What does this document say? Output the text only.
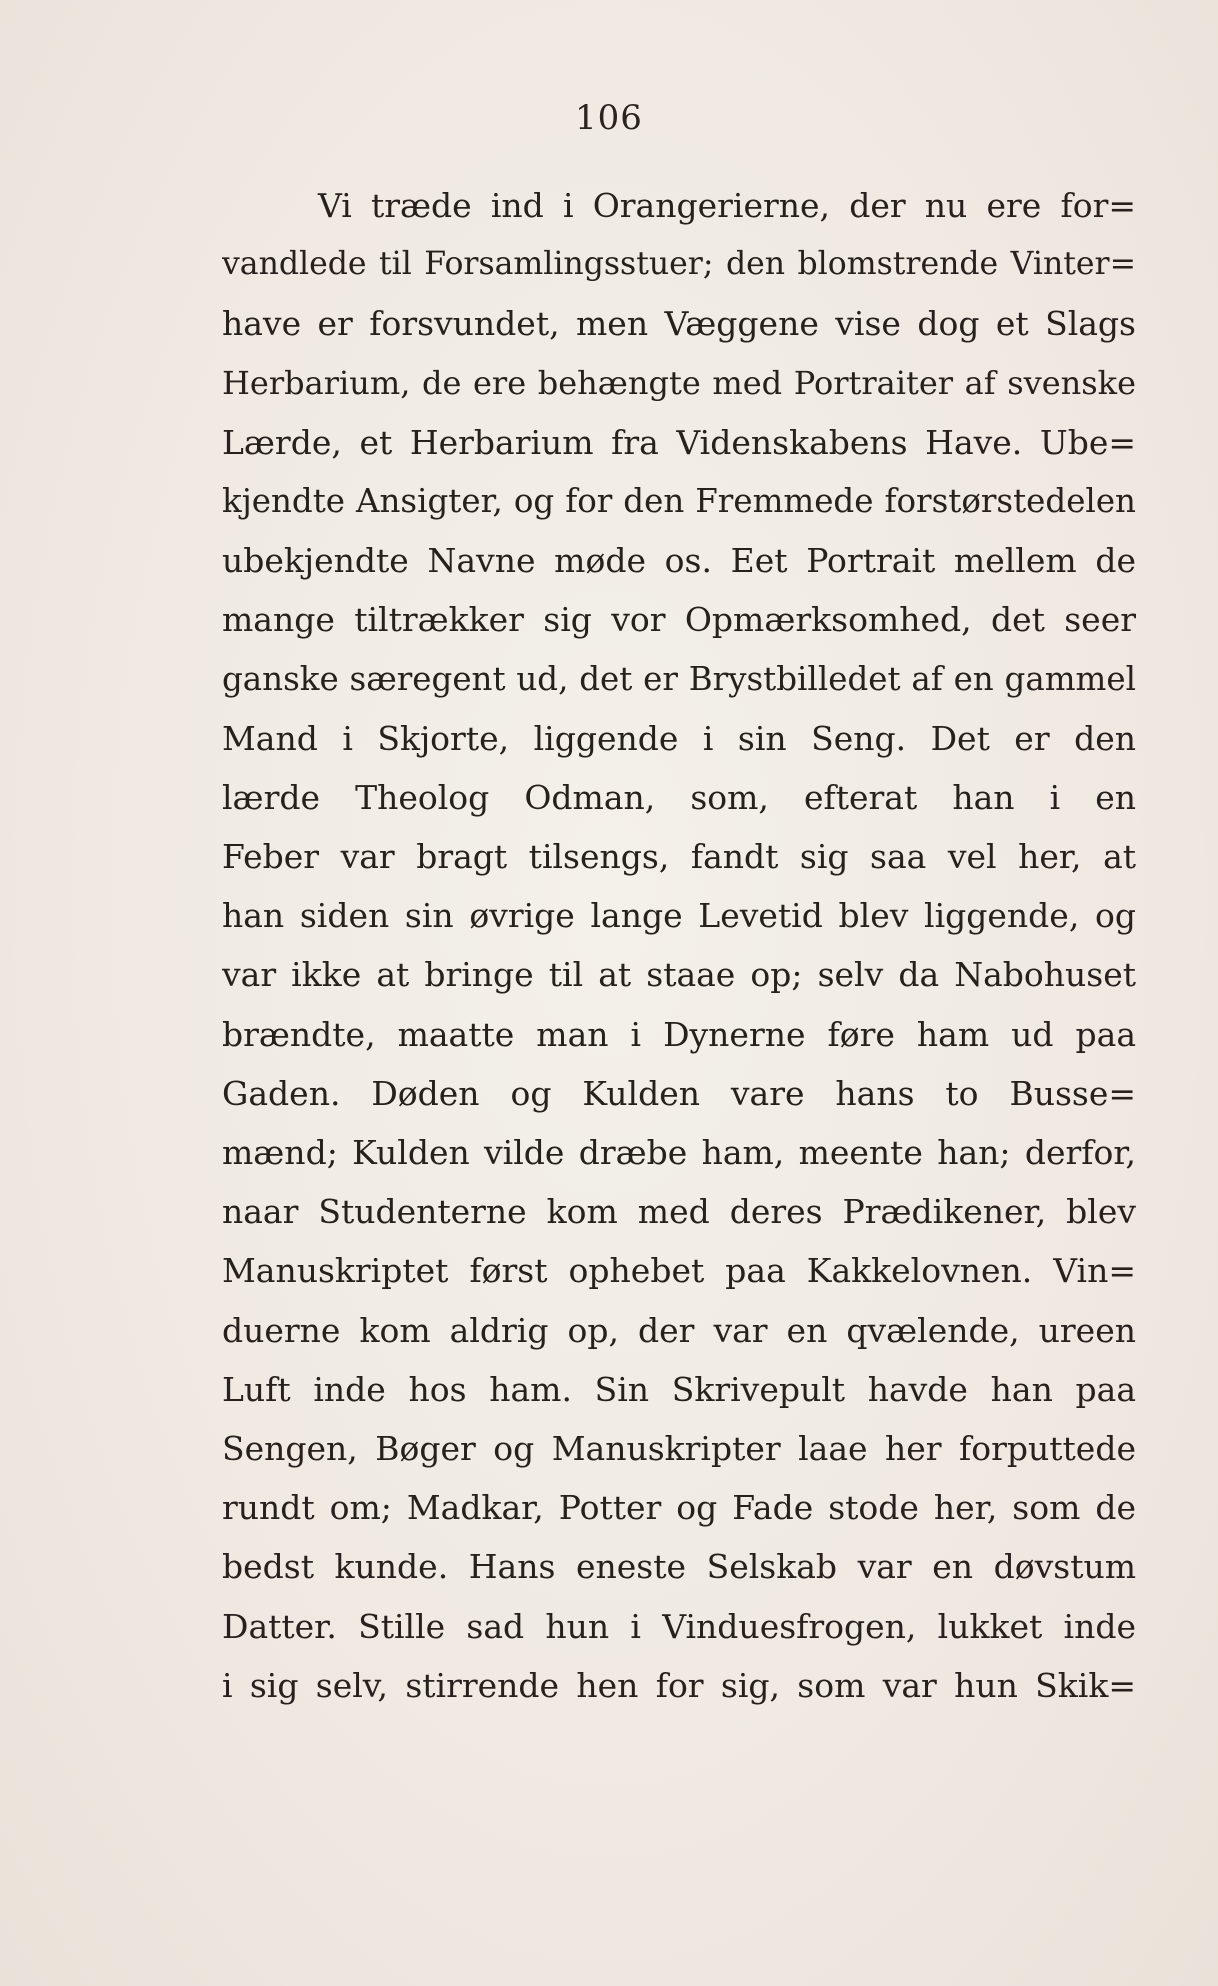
106
Vi træde ind i Orangerierne, der nu ere for=
vandlede til Forsamlingsstuer; den blomstrende Vinter=
have er forsvundet, men Væggene vise dog et Slags
Herbarium, de ere behængte med Portraiter af svenske
Lærde, et Herbarium fra Videnskabens Have. Ube=
kjendte Ansigter, og for den Fremmede forstørstedelen
ubekjendte Navne møde os. Eet Portrait mellem de
mange tiltrækker sig vor Opmærksomhed, det seer
ganske særegent ud, det er Brystbilledet af en gammel
Mand i Skjorte, liggende i sin Seng. Det er den
lærde Theolog Odman, som, efterat han i en
Feber var bragt tilsengs, fandt sig saa vel her, at
han siden sin øvrige lange Levetid blev liggende, og
var ikke at bringe til at staae op; selv da Nabohuset
brændte, maatte man i Dynerne føre ham ud paa
Gaden. Døden og Kulden vare hans to Busse=
mænd; Kulden vilde dræbe ham, meente han; derfor,
naar Studenterne kom med deres Prædikener, blev
Manuskriptet først ophebet paa Kakkelovnen. Vin=
duerne kom aldrig op, der var en qvælende, ureen
Luft inde hos ham. Sin Skrivepult havde han paa
Sengen, Bøger og Manuskripter laae her forputtede
rundt om; Madkar, Potter og Fade stode her, som de
bedst kunde. Hans eneste Selskab var en døvstum
Datter. Stille sad hun i Vinduesfrogen, lukket inde
i sig selv, stirrende hen for sig, som var hun Skik=
